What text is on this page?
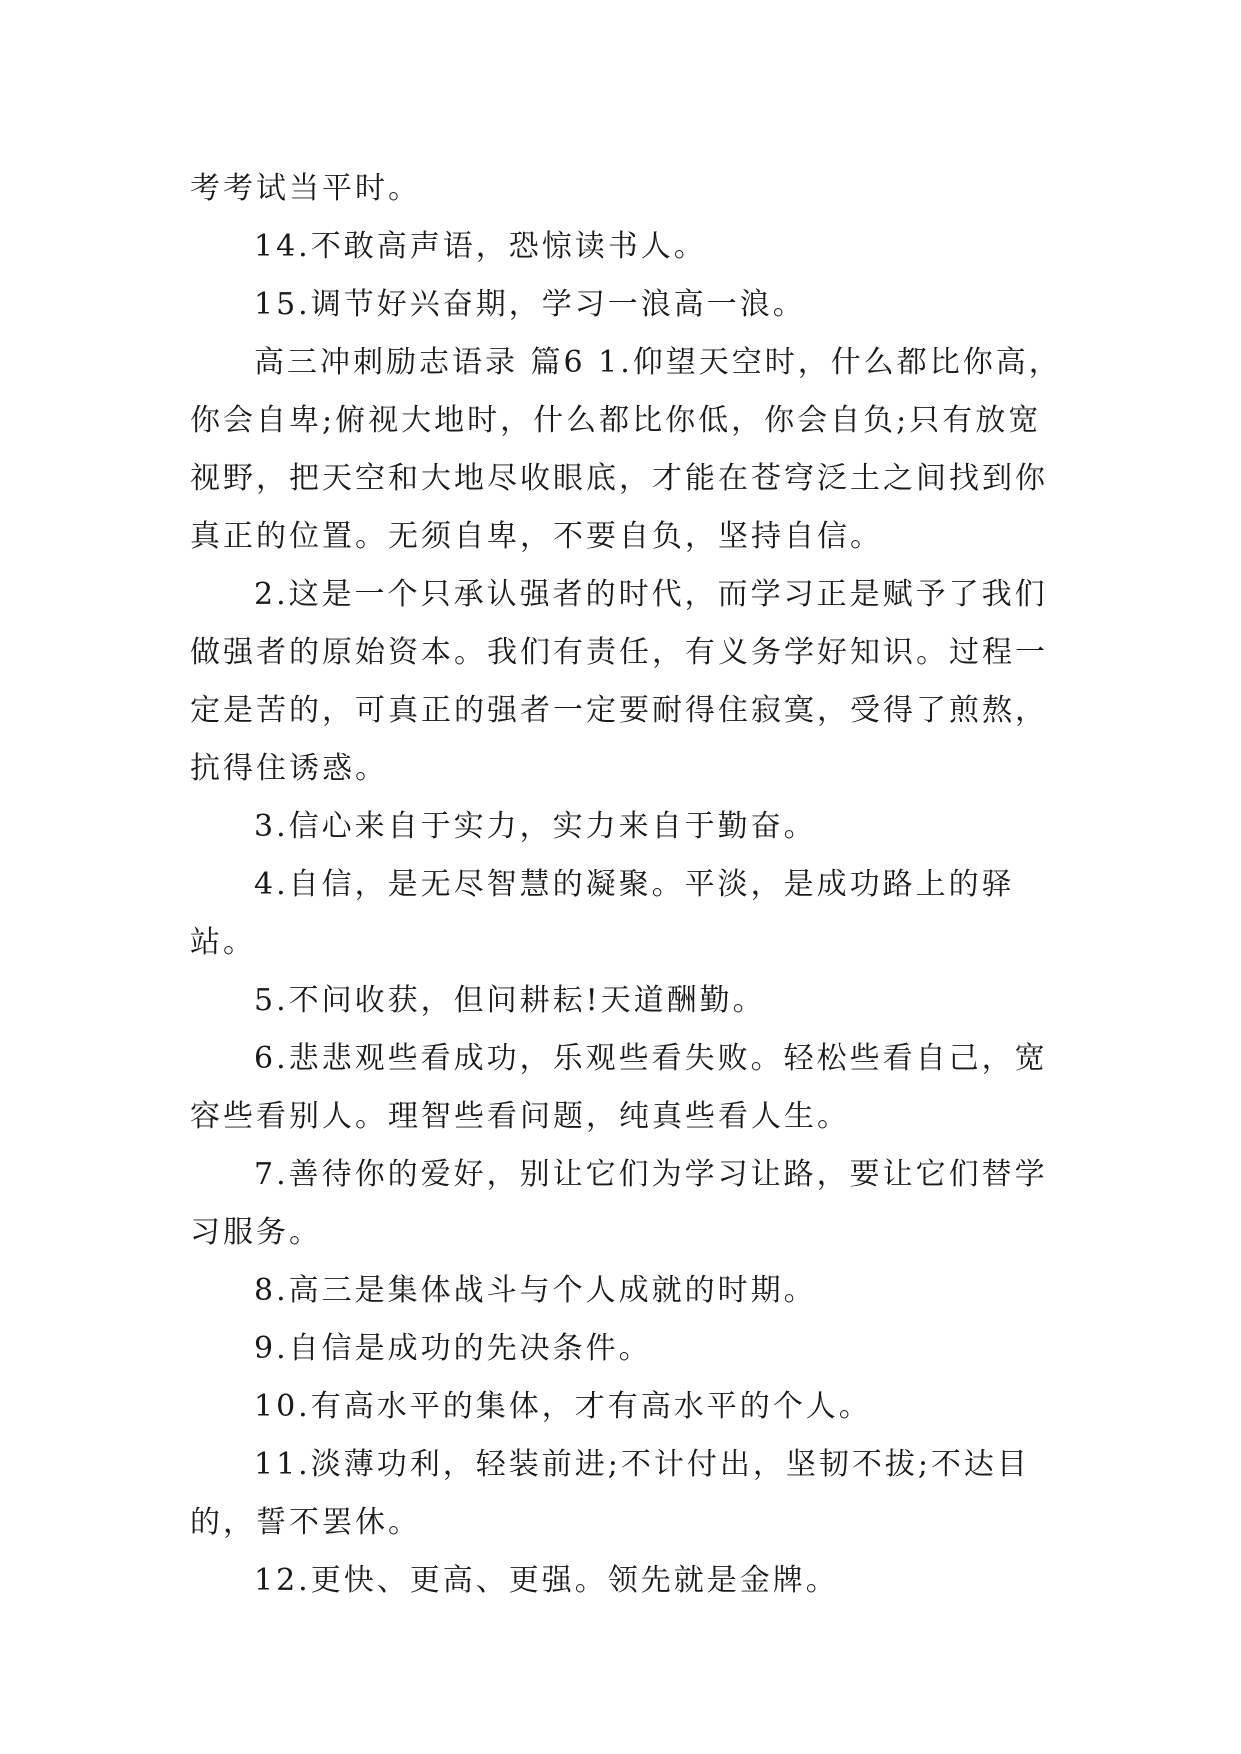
考考试当平时。

14.不敢高声语，恐惊读书人。

15.调节好兴奋期，学习一浪高一浪。

高三冲刺励志语录 篇6 1.仰望天空时，什么都比你高，你会自卑;俯视大地时，什么都比你低，你会自负;只有放宽视野，把天空和大地尽收眼底，才能在苍穹泛土之间找到你真正的位置。无须自卑，不要自负，坚持自信。

2.这是一个只承认强者的时代，而学习正是赋予了我们做强者的原始资本。我们有责任，有义务学好知识。过程一定是苦的，可真正的强者一定要耐得住寂寞，受得了煎熬，抗得住诱惑。

3.信心来自于实力，实力来自于勤奋。

4.自信，是无尽智慧的凝聚。平淡，是成功路上的驿站。

5.不问收获，但问耕耘!天道酬勤。

6.悲悲观些看成功，乐观些看失败。轻松些看自己，宽容些看别人。理智些看问题，纯真些看人生。

7.善待你的爱好，别让它们为学习让路，要让它们替学习服务。

8.高三是集体战斗与个人成就的时期。

9.自信是成功的先决条件。

10.有高水平的集体，才有高水平的个人。

11.淡薄功利，轻装前进;不计付出，坚韧不拔;不达目的，誓不罢休。

12.更快、更高、更强。领先就是金牌。
